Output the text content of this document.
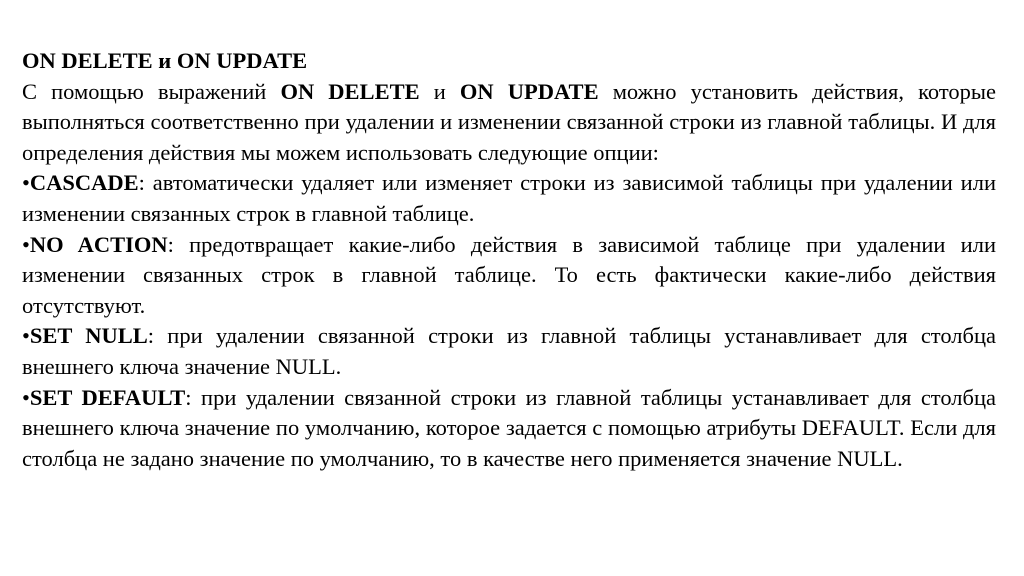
ON DELETE и ON UPDATE

С помощью выражений ON DELETE и ON UPDATE можно установить действия, которые выполняться соответственно при удалении и изменении связанной строки из главной таблицы. И для определения действия мы можем использовать следующие опции:

•CASCADE: автоматически удаляет или изменяет строки из зависимой таблицы при удалении или изменении связанных строк в главной таблице.

•NO ACTION: предотвращает какие-либо действия в зависимой таблице при удалении или изменении связанных строк в главной таблице. То есть фактически какие-либо действия отсутствуют.

•SET NULL: при удалении связанной строки из главной таблицы устанавливает для столбца внешнего ключа значение NULL.

•SET DEFAULT: при удалении связанной строки из главной таблицы устанавливает для столбца внешнего ключа значение по умолчанию, которое задается с помощью атрибуты DEFAULT. Если для столбца не задано значение по умолчанию, то в качестве него применяется значение NULL.
